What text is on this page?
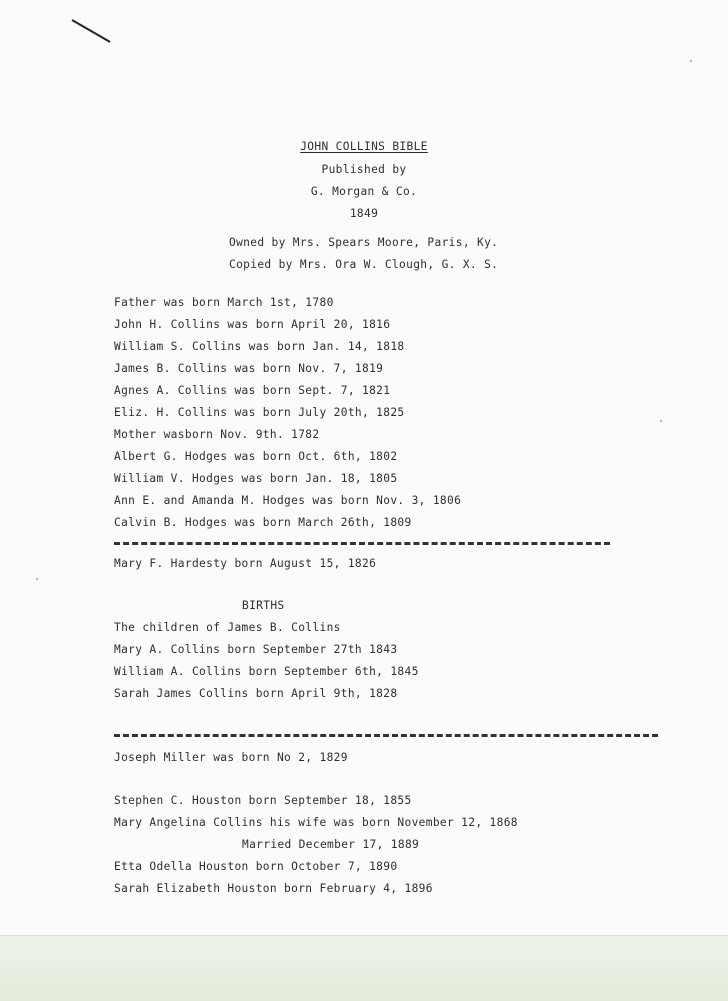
JOHN COLLINS BIBLE
Published by
G. Morgan & Co.
1849
Owned by Mrs. Spears Moore, Paris, Ky.
Copied by Mrs. Ora W. Clough, G. X. S.
Father was born March 1st, 1780
John H. Collins was born April 20, 1816
William S. Collins was born Jan. 14, 1818
James B. Collins was born Nov. 7, 1819
Agnes A. Collins was born Sept. 7, 1821
Eliz. H. Collins was born July 20th, 1825
Mother wasborn Nov. 9th. 1782
Albert G. Hodges was born Oct. 6th, 1802
William V. Hodges was born Jan. 18, 1805
Ann E. and Amanda M. Hodges was born Nov. 3, 1806
Calvin B. Hodges was born March 26th, 1809
Mary F. Hardesty born August 15, 1826
BIRTHS
The children of James B. Collins
Mary A. Collins born September 27th 1843
William A. Collins born September 6th, 1845
Sarah James Collins born April 9th, 1828
Joseph Miller was born No 2, 1829
Stephen C. Houston born September 18, 1855
Mary Angelina Collins his wife was born November 12, 1868
Married December 17, 1889
Etta Odella Houston born October 7, 1890
Sarah Elizabeth Houston born February 4, 1896
